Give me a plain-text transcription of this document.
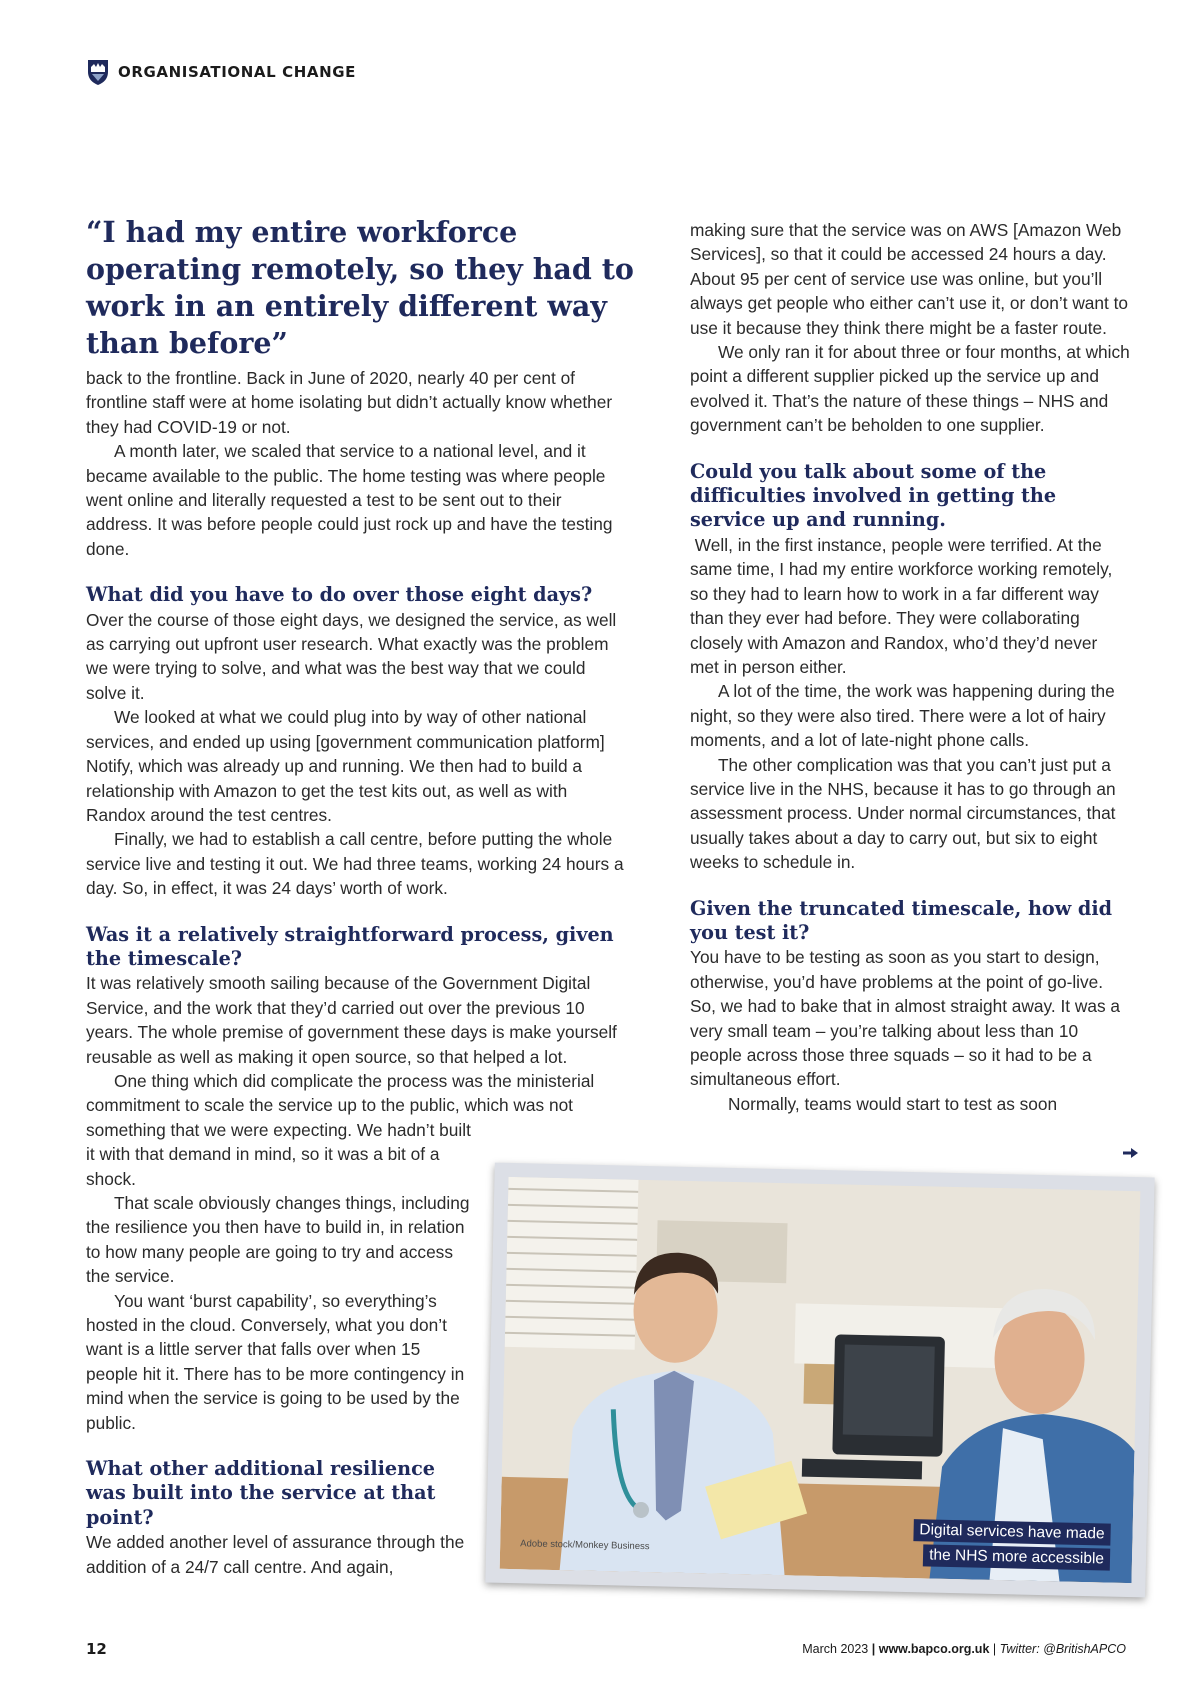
ORGANISATIONAL CHANGE
“I had my entire workforce operating remotely, so they had to work in an entirely different way than before”

back to the frontline. Back in June of 2020, nearly 40 per cent of frontline staff were at home isolating but didn’t actually know whether they had COVID-19 or not.

A month later, we scaled that service to a national level, and it became available to the public. The home testing was where people went online and literally requested a test to be sent out to their address. It was before people could just rock up and have the testing done.

What did you have to do over those eight days?

Over the course of those eight days, we designed the service, as well as carrying out upfront user research. What exactly was the problem we were trying to solve, and what was the best way that we could solve it.

We looked at what we could plug into by way of other national services, and ended up using [government communication platform] Notify, which was already up and running. We then had to build a relationship with Amazon to get the test kits out, as well as with Randox around the test centres.

Finally, we had to establish a call centre, before putting the whole service live and testing it out. We had three teams, working 24 hours a day. So, in effect, it was 24 days’ worth of work.

Was it a relatively straightforward process, given the timescale?

It was relatively smooth sailing because of the Government Digital Service, and the work that they’d carried out over the previous 10 years. The whole premise of government these days is make yourself reusable as well as making it open source, so that helped a lot.

One thing which did complicate the process was the ministerial commitment to scale the service up to the public, which was not

something that we were expecting. We hadn’t built it with that demand in mind, so it was a bit of a shock.

That scale obviously changes things, including the resilience you then have to build in, in relation to how many people are going to try and access the service.

You want ‘burst capability’, so everything’s hosted in the cloud. Conversely, what you don’t want is a little server that falls over when 15 people hit it. There has to be more contingency in mind when the service is going to be used by the public.

What other additional resilience was built into the service at that point?

We added another level of assurance through the addition of a 24/7 call centre. And again,

making sure that the service was on AWS [Amazon Web Services], so that it could be accessed 24 hours a day. About 95 per cent of service use was online, but you’ll always get people who either can’t use it, or don’t want to use it because they think there might be a faster route.

We only ran it for about three or four months, at which point a different supplier picked up the service up and evolved it. That’s the nature of these things – NHS and government can’t be beholden to one supplier.

Could you talk about some of the difficulties involved in getting the service up and running.

Well, in the first instance, people were terrified. At the same time, I had my entire workforce working remotely, so they had to learn how to work in a far different way than they ever had before. They were collaborating closely with Amazon and Randox, who’d they’d never met in person either.

A lot of the time, the work was happening during the night, so they were also tired. There were a lot of hairy moments, and a lot of late-night phone calls.

The other complication was that you can’t just put a service live in the NHS, because it has to go through an assessment process. Under normal circumstances, that usually takes about a day to carry out, but six to eight weeks to schedule in.

Given the truncated timescale, how did you test it?

You have to be testing as soon as you start to design, otherwise, you’d have problems at the point of go-live. So, we had to bake that in almost straight away. It was a very small team – you’re talking about less than 10 people across those three squads – so it had to be a simultaneous effort.

Normally, teams would start to test as soon

Adobe stock/Monkey Business
Digital services have made
the NHS more accessible
12	March 2023 | www.bapco.org.uk | Twitter: @BritishAPCO
